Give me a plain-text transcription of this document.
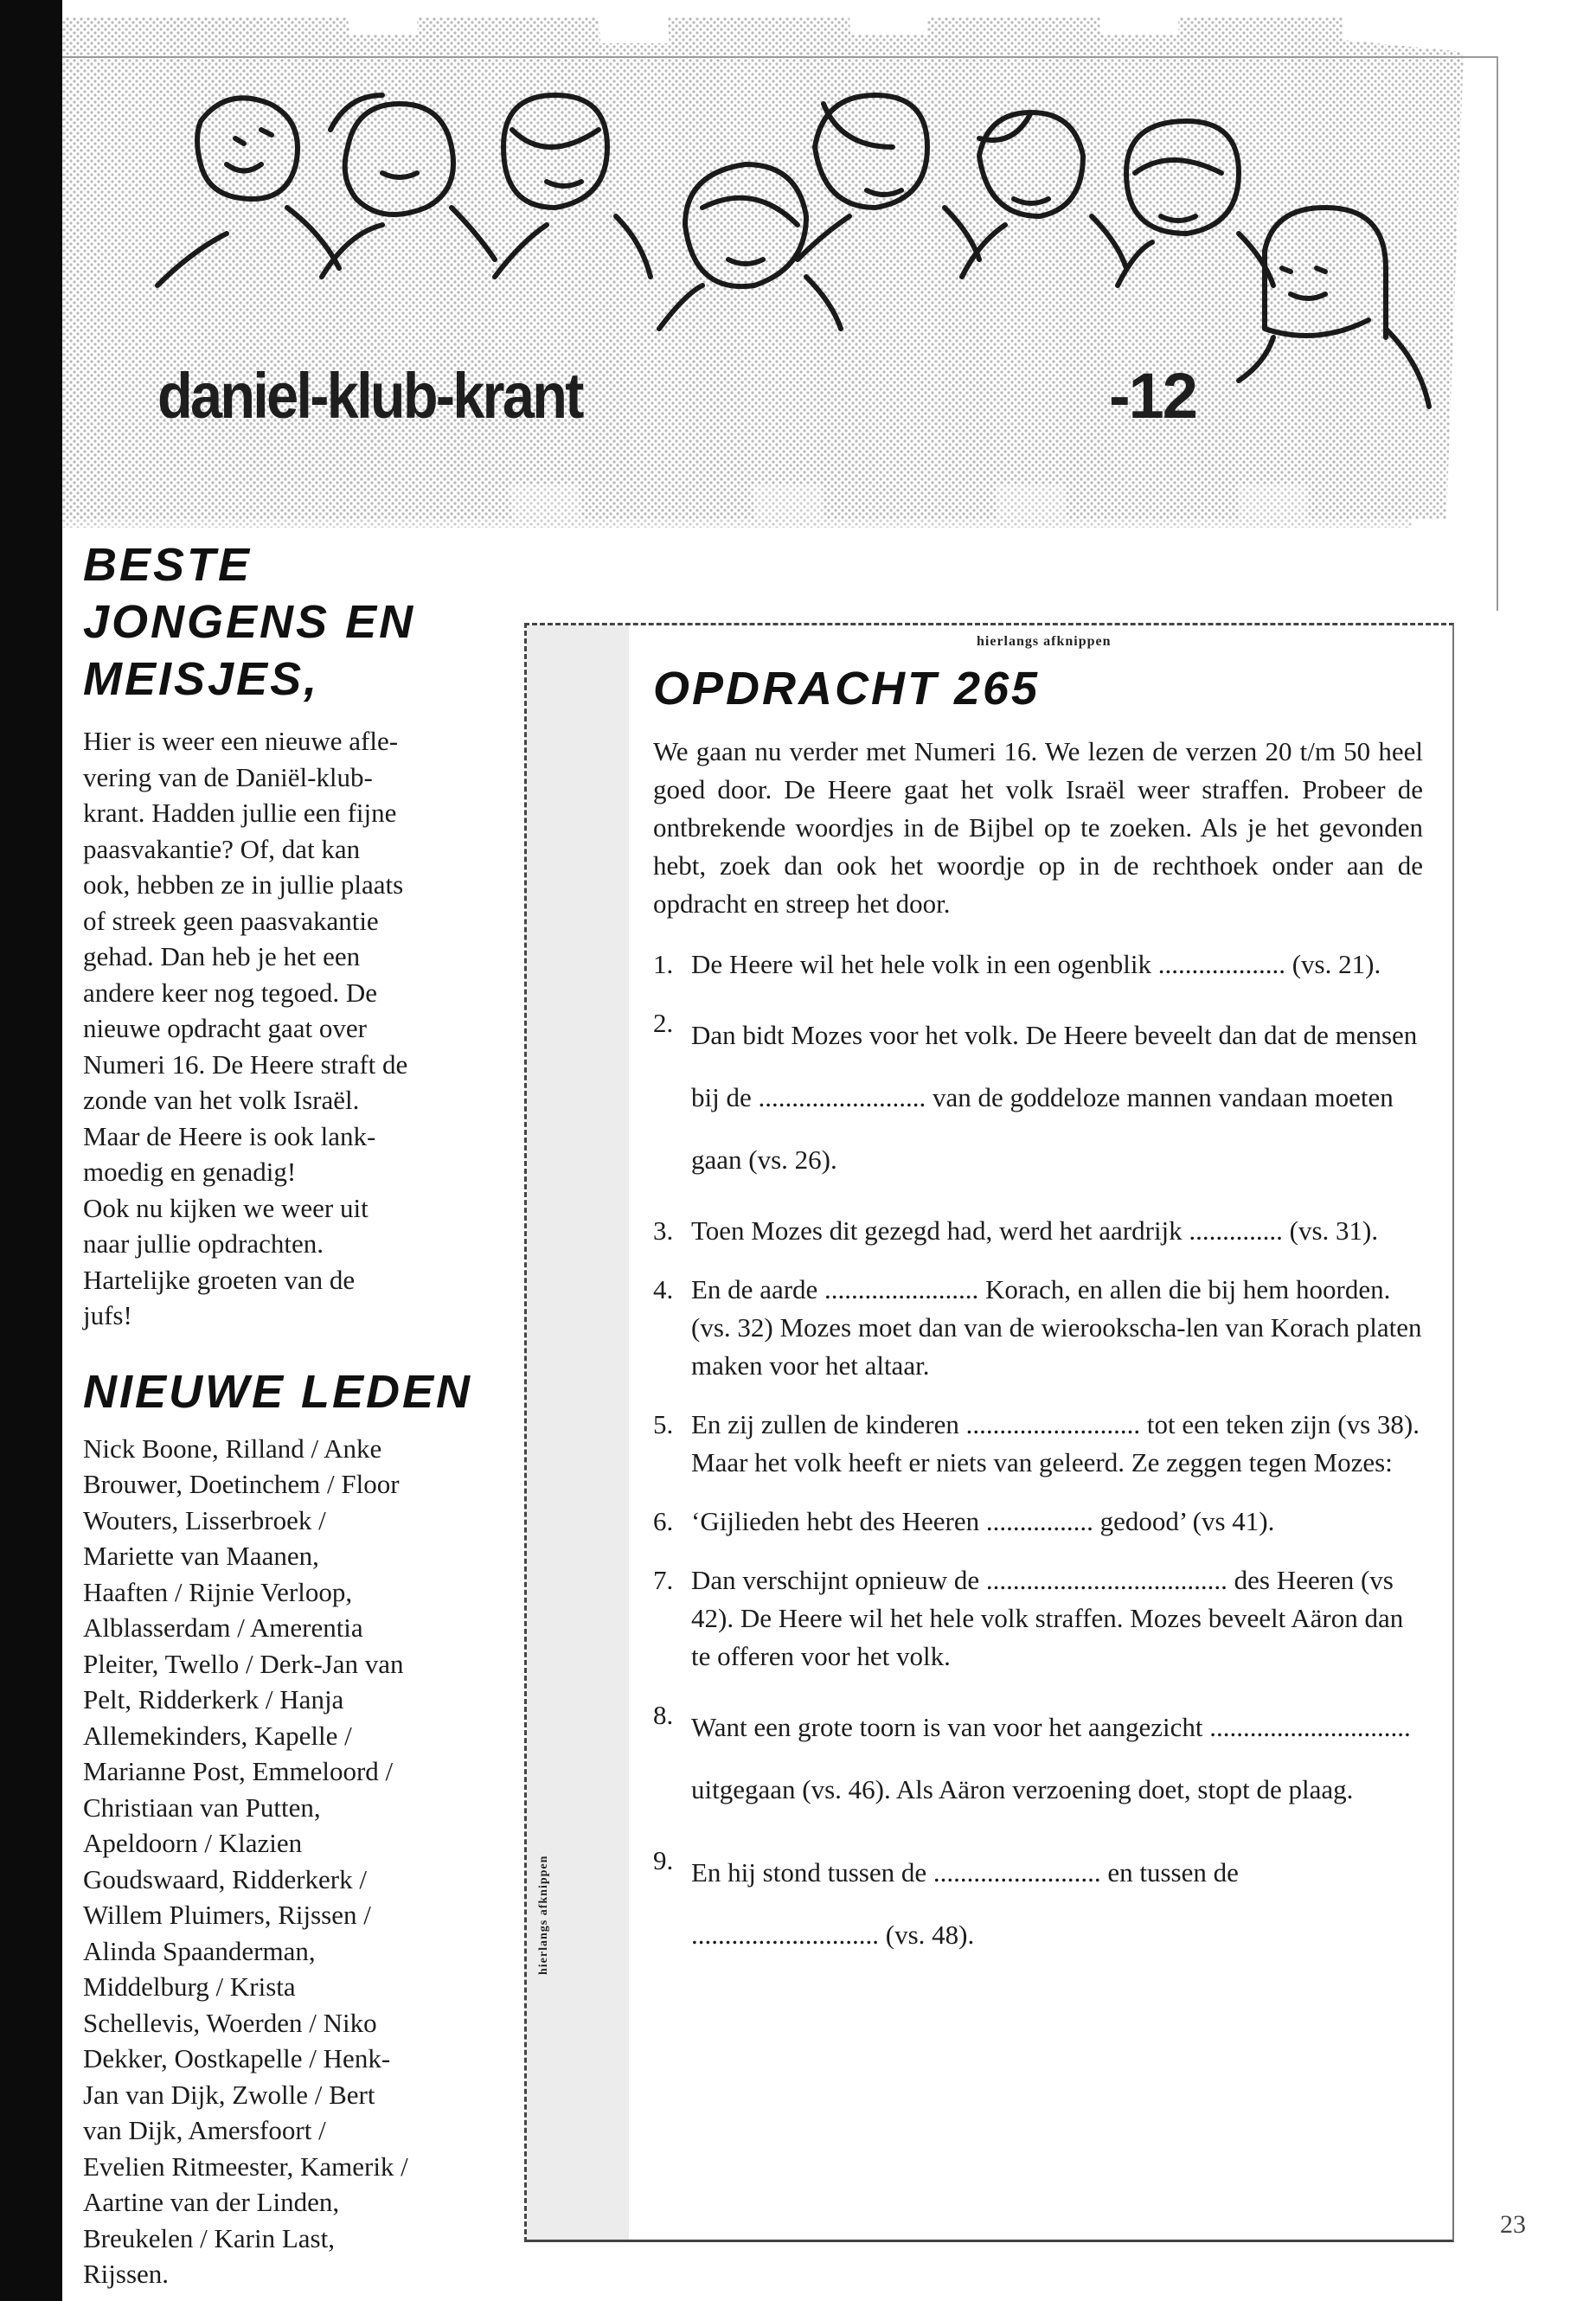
daniel-klub-krant	-12
BESTE JONGENS EN MEISJES,

Hier is weer een nieuwe afle-
vering van de Daniël-klub-
krant. Hadden jullie een fijne
paasvakantie? Of, dat kan
ook, hebben ze in jullie plaats
of streek geen paasvakantie
gehad. Dan heb je het een
andere keer nog tegoed. De
nieuwe opdracht gaat over
Numeri 16. De Heere straft de
zonde van het volk Israël.
Maar de Heere is ook lank-
moedig en genadig!
Ook nu kijken we weer uit
naar jullie opdrachten.
Hartelijke groeten van de
jufs!

NIEUWE LEDEN

Nick Boone, Rilland / Anke
Brouwer, Doetinchem / Floor
Wouters, Lisserbroek /
Mariette van Maanen,
Haaften / Rijnie Verloop,
Alblasserdam / Amerentia
Pleiter, Twello / Derk-Jan van
Pelt, Ridderkerk / Hanja
Allemekinders, Kapelle /
Marianne Post, Emmeloord /
Christiaan van Putten,
Apeldoorn / Klazien
Goudswaard, Ridderkerk /
Willem Pluimers, Rijssen /
Alinda Spaanderman,
Middelburg / Krista
Schellevis, Woerden / Niko
Dekker, Oostkapelle / Henk-
Jan van Dijk, Zwolle / Bert
van Dijk, Amersfoort /
Evelien Ritmeester, Kamerik /
Aartine van der Linden,
Breukelen / Karin Last,
Rijssen.

hierlangs afknippen
hierlangs afknippen
OPDRACHT 265

We gaan nu verder met Numeri 16. We lezen de verzen 20 t/m 50 heel goed door. De Heere gaat het volk Israël weer straffen. Probeer de ontbrekende woordjes in de Bijbel op te zoeken. Als je het gevonden hebt, zoek dan ook het woordje op in de rechthoek onder aan de opdracht en streep het door.

1. De Heere wil het hele volk in een ogenblik ................... (vs. 21).

2. Dan bidt Mozes voor het volk. De Heere beveelt dan dat de mensen bij de ......................... van de goddeloze mannen vandaan moeten gaan (vs. 26).

3. Toen Mozes dit gezegd had, werd het aardrijk .............. (vs. 31).

4. En de aarde ....................... Korach, en allen die bij hem hoorden. (vs. 32) Mozes moet dan van de wierookscha-len van Korach platen maken voor het altaar.

5. En zij zullen de kinderen .......................... tot een teken zijn (vs 38). Maar het volk heeft er niets van geleerd. Ze zeggen tegen Mozes:

6. ‘Gijlieden hebt des Heeren ................ gedood’ (vs 41).

7. Dan verschijnt opnieuw de .................................... des Heeren (vs 42). De Heere wil het hele volk straffen. Mozes beveelt Aäron dan te offeren voor het volk.

8. Want een grote toorn is van voor het aangezicht .............................. uitgegaan (vs. 46). Als Aäron verzoening doet, stopt de plaag.

9. En hij stond tussen de ......................... en tussen de ............................ (vs. 48).

23
